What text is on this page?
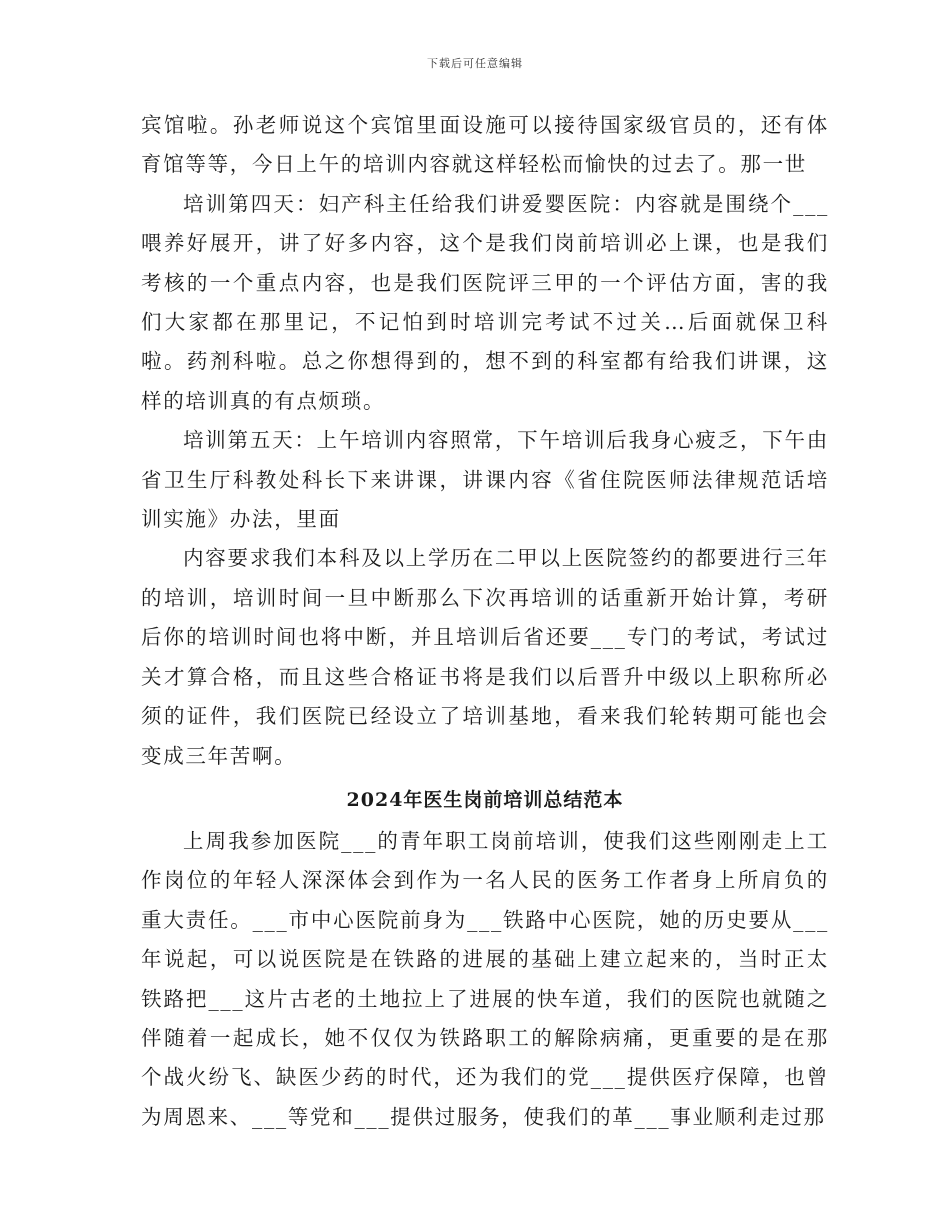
下载后可任意编辑

宾馆啦。孙老师说这个宾馆里面设施可以接待国家级官员的，还有体育馆等等，今日上午的培训内容就这样轻松而愉快的过去了。那一世

培训第四天：妇产科主任给我们讲爱婴医院：内容就是围绕个___喂养好展开，讲了好多内容，这个是我们岗前培训必上课，也是我们考核的一个重点内容，也是我们医院评三甲的一个评估方面，害的我们大家都在那里记，不记怕到时培训完考试不过关…后面就保卫科啦。药剂科啦。总之你想得到的，想不到的科室都有给我们讲课，这样的培训真的有点烦琐。

培训第五天：上午培训内容照常，下午培训后我身心疲乏，下午由省卫生厅科教处科长下来讲课，讲课内容《省住院医师法律规范话培训实施》办法，里面

内容要求我们本科及以上学历在二甲以上医院签约的都要进行三年的培训，培训时间一旦中断那么下次再培训的话重新开始计算，考研后你的培训时间也将中断，并且培训后省还要___专门的考试，考试过关才算合格，而且这些合格证书将是我们以后晋升中级以上职称所必须的证件，我们医院已经设立了培训基地，看来我们轮转期可能也会变成三年苦啊。

2024年医生岗前培训总结范本

上周我参加医院___的青年职工岗前培训，使我们这些刚刚走上工作岗位的年轻人深深体会到作为一名人民的医务工作者身上所肩负的重大责任。___市中心医院前身为___铁路中心医院，她的历史要从___年说起，可以说医院是在铁路的进展的基础上建立起来的，当时正太铁路把___这片古老的土地拉上了进展的快车道，我们的医院也就随之伴随着一起成长，她不仅仅为铁路职工的解除病痛，更重要的是在那个战火纷飞、缺医少药的时代，还为我们的党___提供医疗保障，也曾为周恩来、___等党和___提供过服务，使我们的革___事业顺利走过那
